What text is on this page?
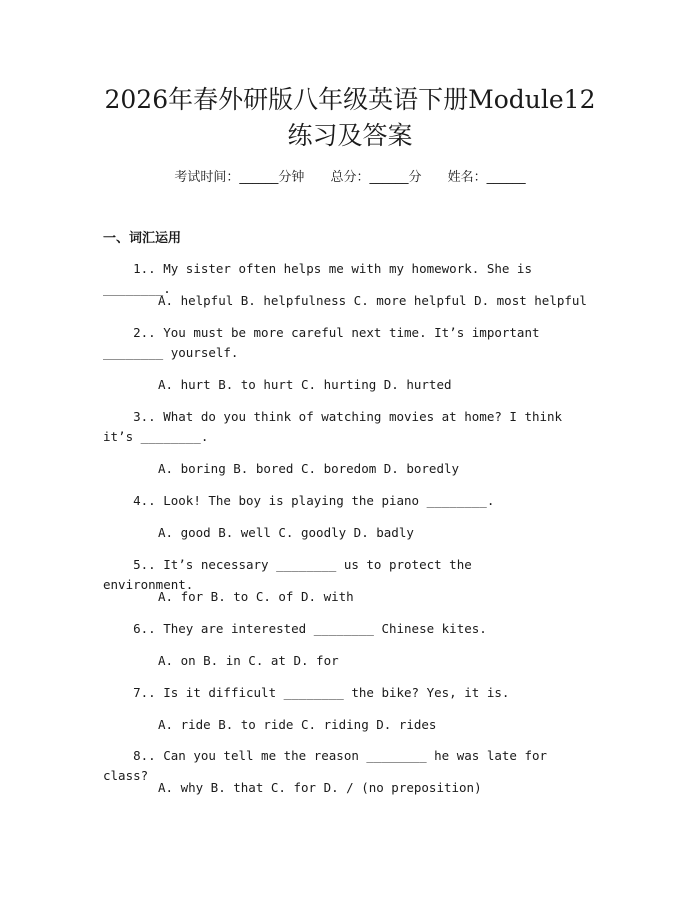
2026年春外研版八年级英语下册Module12
练习及答案
考试时间：______分钟 总分：______分 姓名：______
一、词汇运用
1.. My sister often helps me with my homework. She is ________.
A. helpful B. helpfulness C. more helpful D. most helpful
2.. You must be more careful next time. It’s important ________ yourself.
A. hurt B. to hurt C. hurting D. hurted
3.. What do you think of watching movies at home? I think it’s ________.
A. boring B. bored C. boredom D. boredly
4.. Look! The boy is playing the piano ________.
A. good B. well C. goodly D. badly
5.. It’s necessary ________ us to protect the environment.
A. for B. to C. of D. with
6.. They are interested ________ Chinese kites.
A. on B. in C. at D. for
7.. Is it difficult ________ the bike? Yes, it is.
A. ride B. to ride C. riding D. rides
8.. Can you tell me the reason ________ he was late for class?
A. why B. that C. for D. / (no preposition)
